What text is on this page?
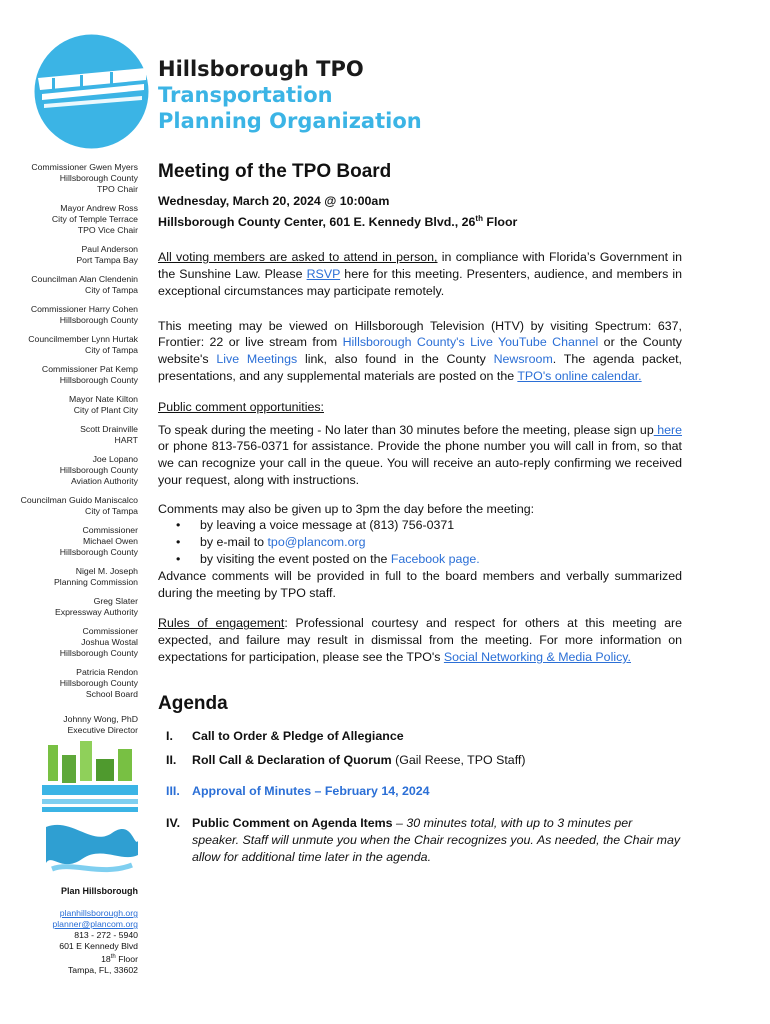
Hillsborough TPO
Transportation
Planning Organization
Commissioner Gwen Myers
Hillsborough County
TPO Chair
Mayor Andrew Ross
City of Temple Terrace
TPO Vice Chair
Paul Anderson
Port Tampa Bay
Councilman Alan Clendenin
City of Tampa
Commissioner Harry Cohen
Hillsborough County
Councilmember Lynn Hurtak
City of Tampa
Commissioner Pat Kemp
Hillsborough County
Mayor Nate Kilton
City of Plant City
Scott Drainville
HART
Joe Lopano
Hillsborough County
Aviation Authority
Councilman Guido Maniscalco
City of Tampa
Commissioner
Michael Owen
Hillsborough County
Nigel M. Joseph
Planning Commission
Greg Slater
Expressway Authority
Commissioner
Joshua Wostal
Hillsborough County
Patricia Rendon
Hillsborough County
School Board
Johnny Wong, PhD
Executive Director
Plan Hillsborough
planhillsborough.org
planner@plancom.org
813 - 272 - 5940
601 E Kennedy Blvd
18th Floor
Tampa, FL, 33602
Meeting of the TPO Board
Wednesday, March 20, 2024 @ 10:00am
Hillsborough County Center, 601 E. Kennedy Blvd., 26th Floor
All voting members are asked to attend in person, in compliance with Florida’s Government in the Sunshine Law. Please RSVP here for this meeting. Presenters, audience, and members in exceptional circumstances may participate remotely.
This meeting may be viewed on Hillsborough Television (HTV) by visiting Spectrum: 637, Frontier: 22 or live stream from Hillsborough County's Live YouTube Channel or the County website's Live Meetings link, also found in the County Newsroom. The agenda packet, presentations, and any supplemental materials are posted on the TPO's online calendar.
Public comment opportunities:
To speak during the meeting - No later than 30 minutes before the meeting, please sign up here or phone 813-756-0371 for assistance. Provide the phone number you will call in from, so that we can recognize your call in the queue. You will receive an auto-reply confirming we received your request, along with instructions.
Comments may also be given up to 3pm the day before the meeting:
• by leaving a voice message at (813) 756-0371
• by e-mail to tpo@plancom.org
• by visiting the event posted on the Facebook page.
Advance comments will be provided in full to the board members and verbally summarized during the meeting by TPO staff.
Rules of engagement: Professional courtesy and respect for others at this meeting are expected, and failure may result in dismissal from the meeting. For more information on expectations for participation, please see the TPO's Social Networking & Media Policy.
Agenda
I. Call to Order & Pledge of Allegiance
II. Roll Call & Declaration of Quorum (Gail Reese, TPO Staff)
III. Approval of Minutes – February 14, 2024
IV. Public Comment on Agenda Items – 30 minutes total, with up to 3 minutes per speaker. Staff will unmute you when the Chair recognizes you. As needed, the Chair may allow for additional time later in the agenda.
